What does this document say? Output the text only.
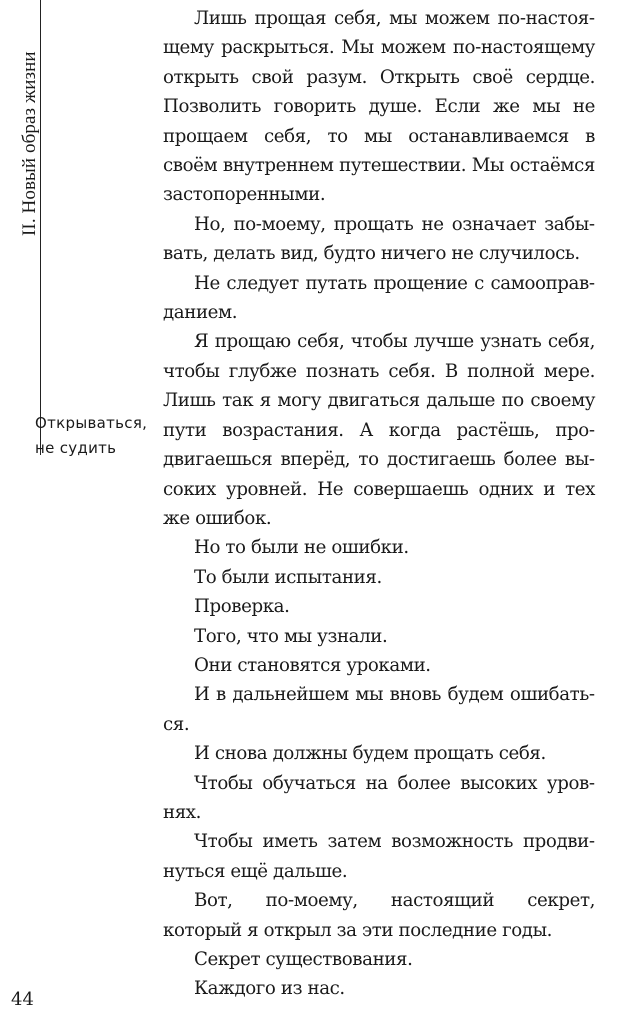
II. Новый образ жизни
Открываться,
не судить

Лишь прощая себя, мы можем по-настоящему раскрыться. Мы можем по-настоящему открыть свой разум. Открыть своё сердце. Позволить говорить душе. Если же мы не прощаем себя, то мы останавливаемся в своём внутреннем путешествии. Мы остаёмся застопоренными.

Но, по-моему, прощать не означает забывать, делать вид, будто ничего не случилось.

Не следует путать прощение с самооправданием.

Я прощаю себя, чтобы лучше узнать себя, чтобы глубже познать себя. В полной мере. Лишь так я могу двигаться дальше по своему пути возрастания. А когда растёшь, продвигаешься вперёд, то достигаешь более высоких уровней. Не совершаешь одних и тех же ошибок.

Но то были не ошибки.

То были испытания.

Проверка.

Того, что мы узнали.

Они становятся уроками.

И в дальнейшем мы вновь будем ошибаться.

И снова должны будем прощать себя.

Чтобы обучаться на более высоких уровнях.

Чтобы иметь затем возможность продвинуться ещё дальше.

Вот, по-моему, настоящий секрет, который я открыл за эти последние годы.

Секрет существования.

Каждого из нас.

44
